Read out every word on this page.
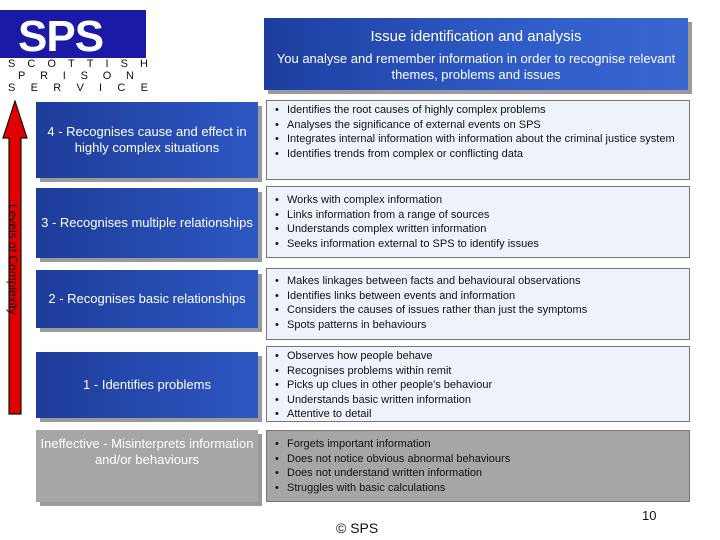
SPS
S C O T T I S H
P R I S O N
S E R V I C E
Issue identification and analysis
You analyse and remember information in order to recognise relevant themes, problems and issues
Levels of Complexity
4 - Recognises cause and effect in highly complex situations
• Identifies the root causes of highly complex problems
• Analyses the significance of external events on SPS
• Integrates internal information with information about the criminal justice system
• Identifies trends from complex or conflicting data
3 - Recognises multiple relationships
• Works with complex information
• Links information from a range of sources
• Understands complex written information
• Seeks information external to SPS to identify issues
2 - Recognises basic relationships
• Makes linkages between facts and behavioural observations
• Identifies links between events and information
• Considers the causes of issues rather than just the symptoms
• Spots patterns in behaviours
1 - Identifies problems
• Observes how people behave
• Recognises problems within remit
• Picks up clues in other people's behaviour
• Understands basic written information
• Attentive to detail
Ineffective - Misinterprets information and/or behaviours
• Forgets important information
• Does not notice obvious abnormal behaviours
• Does not understand written information
• Struggles with basic calculations
© SPS
10
